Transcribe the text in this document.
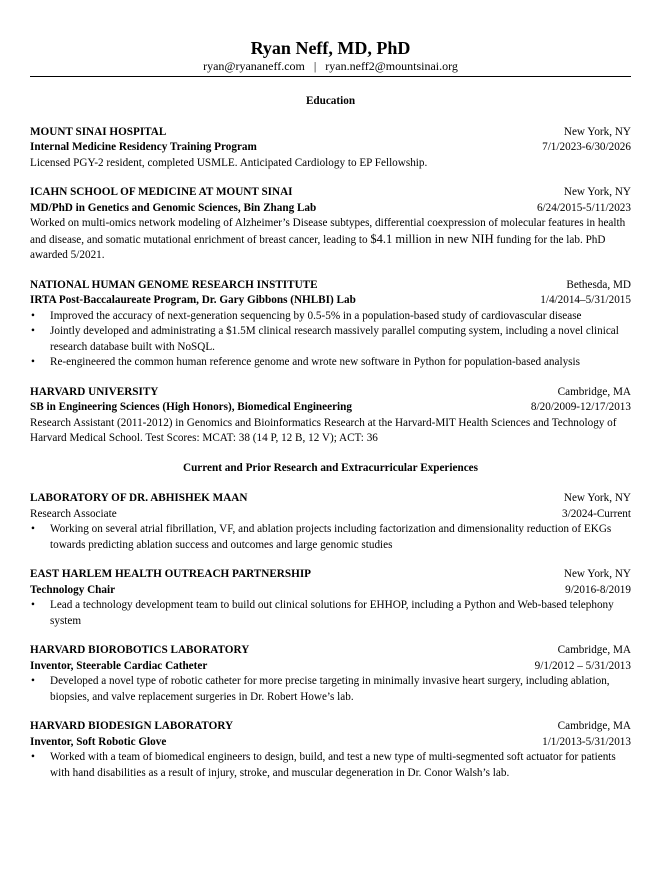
Ryan Neff, MD, PhD
ryan@ryananeff.com | ryan.neff2@mountsinai.org
Education
MOUNT SINAI HOSPITAL	New York, NY
Internal Medicine Residency Training Program	7/1/2023-6/30/2026

Licensed PGY-2 resident, completed USMLE. Anticipated Cardiology to EP Fellowship.

ICAHN SCHOOL OF MEDICINE AT MOUNT SINAI	New York, NY
MD/PhD in Genetics and Genomic Sciences, Bin Zhang Lab	6/24/2015-5/11/2023

Worked on multi-omics network modeling of Alzheimer’s Disease subtypes, differential coexpression of molecular features in health and disease, and somatic mutational enrichment of breast cancer, leading to $4.1 million in new NIH funding for the lab. PhD awarded 5/2021.

NATIONAL HUMAN GENOME RESEARCH INSTITUTE	Bethesda, MD
IRTA Post-Baccalaureate Program, Dr. Gary Gibbons (NHLBI) Lab	1/4/2014–5/31/2015
• Improved the accuracy of next-generation sequencing by 0.5-5% in a population-based study of cardiovascular disease
• Jointly developed and administrating a $1.5M clinical research massively parallel computing system, including a novel clinical research database built with NoSQL.
• Re-engineered the common human reference genome and wrote new software in Python for population-based analysis
HARVARD UNIVERSITY	Cambridge, MA
SB in Engineering Sciences (High Honors), Biomedical Engineering	8/20/2009-12/17/2013

Research Assistant (2011-2012) in Genomics and Bioinformatics Research at the Harvard-MIT Health Sciences and Technology of Harvard Medical School. Test Scores: MCAT: 38 (14 P, 12 B, 12 V); ACT: 36

Current and Prior Research and Extracurricular Experiences
LABORATORY OF DR. ABHISHEK MAAN	New York, NY
Research Associate	3/2024-Current
• Working on several atrial fibrillation, VF, and ablation projects including factorization and dimensionality reduction of EKGs towards predicting ablation success and outcomes and large genomic studies
EAST HARLEM HEALTH OUTREACH PARTNERSHIP	New York, NY
Technology Chair	9/2016-8/2019
• Lead a technology development team to build out clinical solutions for EHHOP, including a Python and Web-based telephony system
HARVARD BIOROBOTICS LABORATORY	Cambridge, MA
Inventor, Steerable Cardiac Catheter	9/1/2012 – 5/31/2013
• Developed a novel type of robotic catheter for more precise targeting in minimally invasive heart surgery, including ablation, biopsies, and valve replacement surgeries in Dr. Robert Howe’s lab.
HARVARD BIODESIGN LABORATORY	Cambridge, MA
Inventor, Soft Robotic Glove	1/1/2013-5/31/2013
• Worked with a team of biomedical engineers to design, build, and test a new type of multi-segmented soft actuator for patients with hand disabilities as a result of injury, stroke, and muscular degeneration in Dr. Conor Walsh’s lab.
